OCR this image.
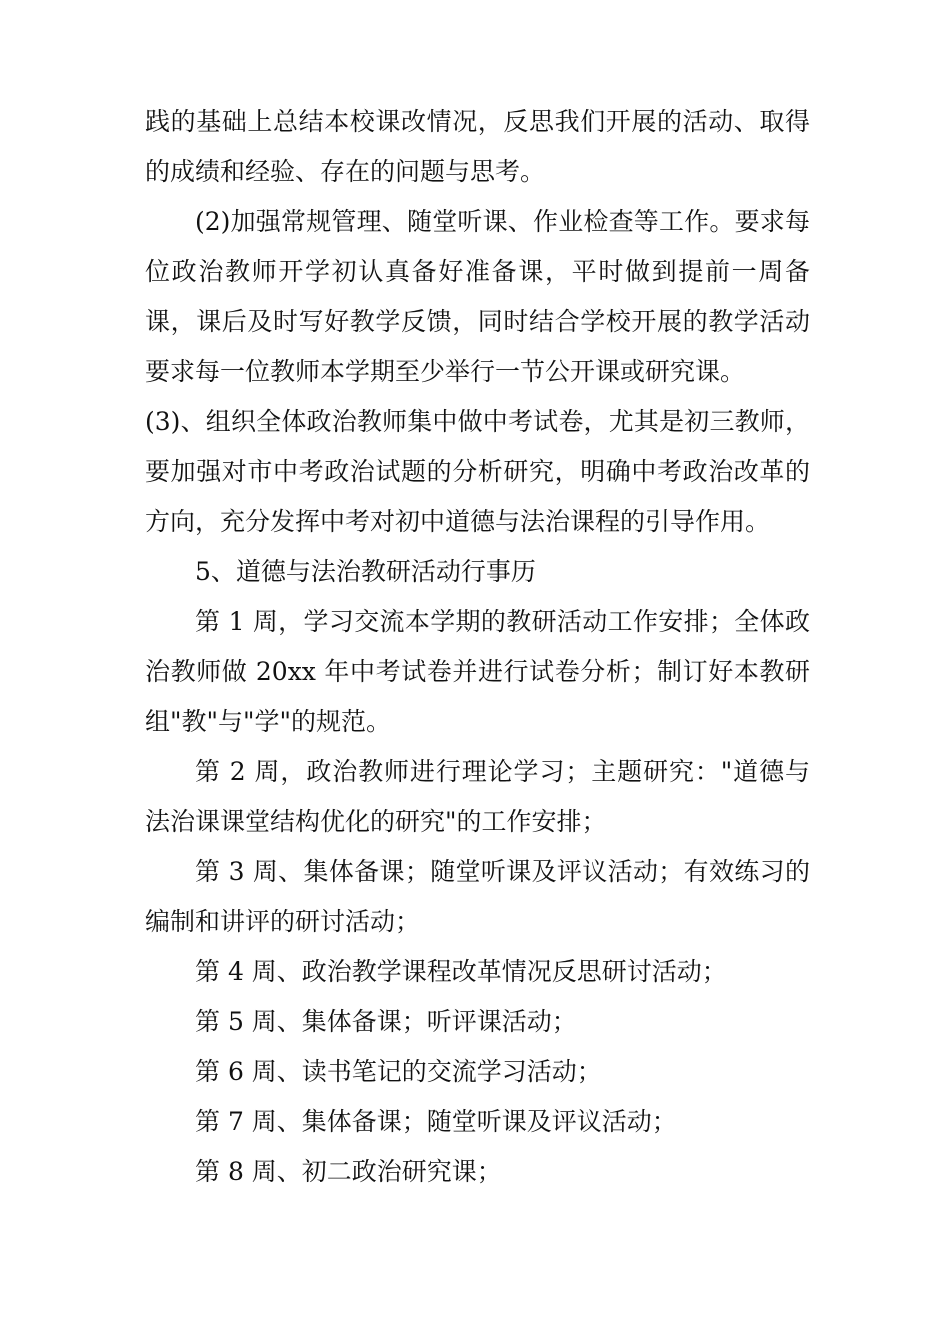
践的基础上总结本校课改情况，反思我们开展的活动、取得的成绩和经验、存在的问题与思考。

(2)加强常规管理、随堂听课、作业检查等工作。要求每位政治教师开学初认真备好准备课，平时做到提前一周备课，课后及时写好教学反馈，同时结合学校开展的教学活动要求每一位教师本学期至少举行一节公开课或研究课。

(3)、组织全体政治教师集中做中考试卷，尤其是初三教师，要加强对市中考政治试题的分析研究，明确中考政治改革的方向，充分发挥中考对初中道德与法治课程的引导作用。

5、道德与法治教研活动行事历

第 1 周，学习交流本学期的教研活动工作安排；全体政治教师做 20xx 年中考试卷并进行试卷分析；制订好本教研组"教"与"学"的规范。

第 2 周，政治教师进行理论学习；主题研究："道德与法治课课堂结构优化的研究"的工作安排；

第 3 周、集体备课；随堂听课及评议活动；有效练习的编制和讲评的研讨活动；

第 4 周、政治教学课程改革情况反思研讨活动；

第 5 周、集体备课；听评课活动；

第 6 周、读书笔记的交流学习活动；

第 7 周、集体备课；随堂听课及评议活动；

第 8 周、初二政治研究课；
